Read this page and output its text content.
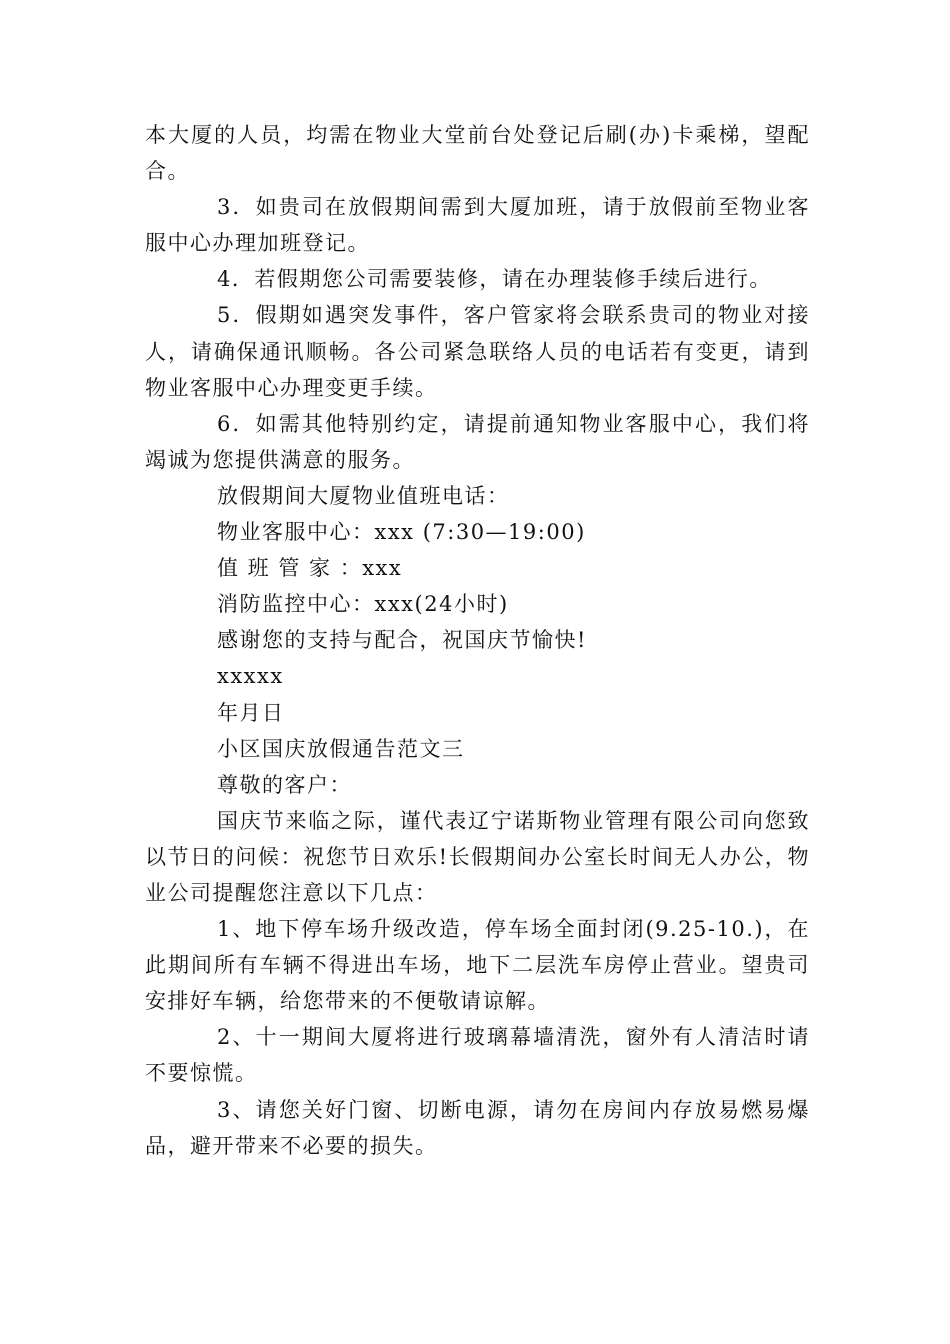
本大厦的人员，均需在物业大堂前台处登记后刷(办)卡乘梯，望配合。

3．如贵司在放假期间需到大厦加班，请于放假前至物业客服中心办理加班登记。

4．若假期您公司需要装修，请在办理装修手续后进行。

5．假期如遇突发事件，客户管家将会联系贵司的物业对接人，请确保通讯顺畅。各公司紧急联络人员的电话若有变更，请到物业客服中心办理变更手续。

6．如需其他特别约定，请提前通知物业客服中心，我们将竭诚为您提供满意的服务。

放假期间大厦物业值班电话：

物业客服中心：xxx (7:30—19:00)

值 班 管 家 ：xxx

消防监控中心：xxx(24小时)

感谢您的支持与配合，祝国庆节愉快!

xxxxx

年月日

小区国庆放假通告范文三

尊敬的客户：

国庆节来临之际，谨代表辽宁诺斯物业管理有限公司向您致以节日的问候：祝您节日欢乐!长假期间办公室长时间无人办公，物业公司提醒您注意以下几点：

1、地下停车场升级改造，停车场全面封闭(9.25-10.)，在此期间所有车辆不得进出车场，地下二层洗车房停止营业。望贵司安排好车辆，给您带来的不便敬请谅解。

2、十一期间大厦将进行玻璃幕墙清洗，窗外有人清洁时请不要惊慌。

3、请您关好门窗、切断电源，请勿在房间内存放易燃易爆品，避开带来不必要的损失。
